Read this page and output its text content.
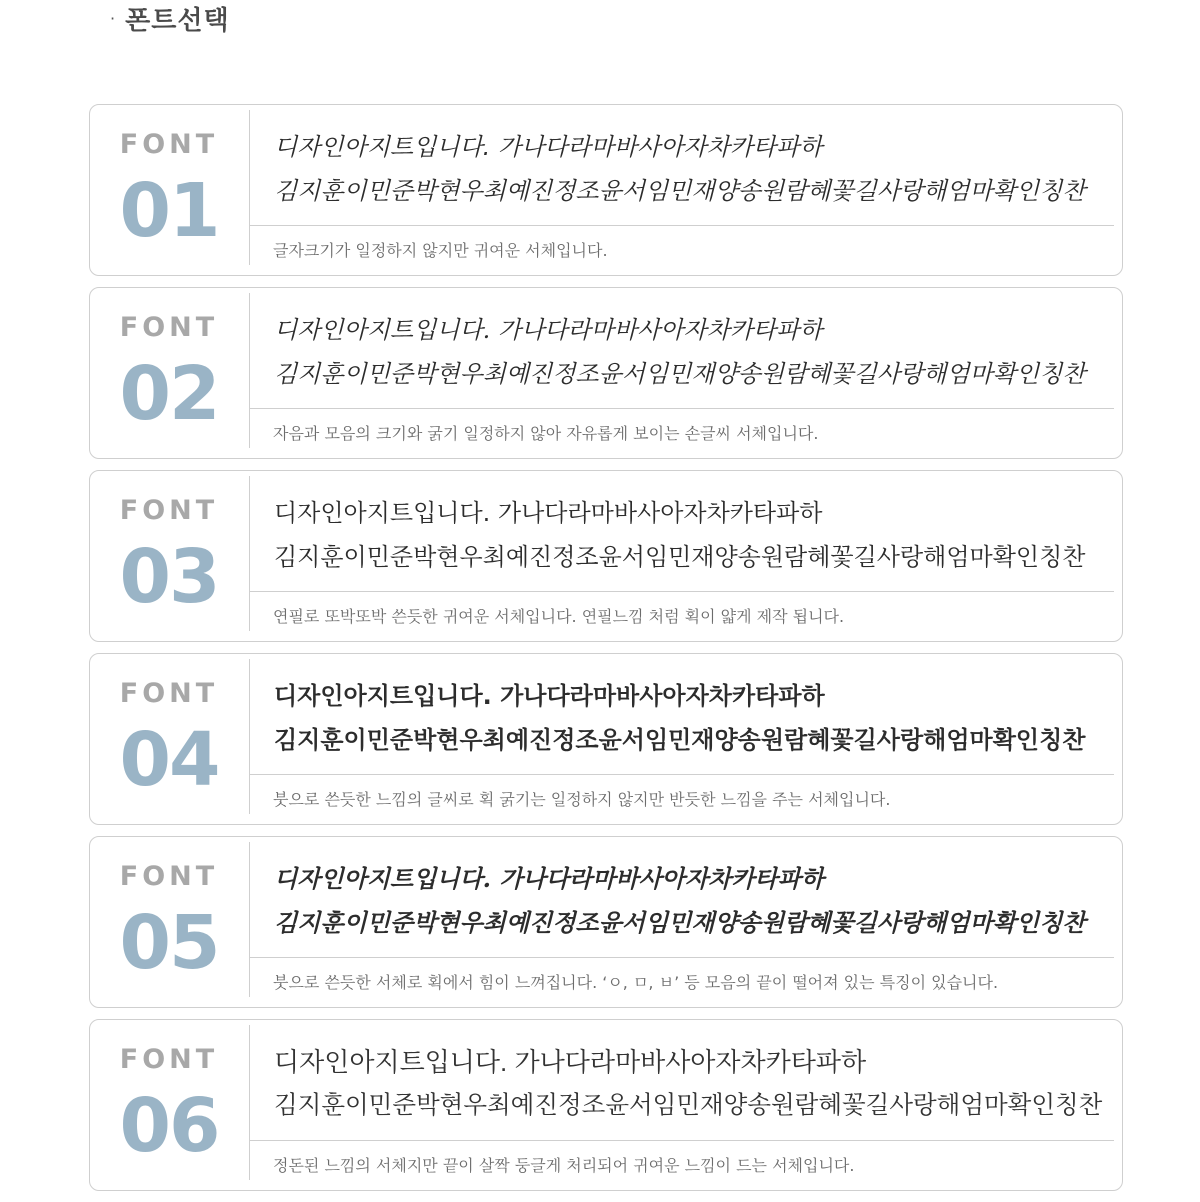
· 폰트선택
FONT
01
디자인아지트입니다. 가나다라마바사아자차카타파하
김지훈이민준박현우최예진정조윤서임민재양송원람혜꽃길사랑해엄마확인칭찬
글자크기가 일정하지 않지만 귀여운 서체입니다.
FONT
02
디자인아지트입니다. 가나다라마바사아자차카타파하
김지훈이민준박현우최예진정조윤서임민재양송원람혜꽃길사랑해엄마확인칭찬
자음과 모음의 크기와 굵기 일정하지 않아 자유롭게 보이는 손글씨 서체입니다.
FONT
03
디자인아지트입니다. 가나다라마바사아자차카타파하
김지훈이민준박현우최예진정조윤서임민재양송원람혜꽃길사랑해엄마확인칭찬
연필로 또박또박 쓴듯한 귀여운 서체입니다. 연필느낌 처럼 획이 얇게 제작 됩니다.
FONT
04
디자인아지트입니다. 가나다라마바사아자차카타파하
김지훈이민준박현우최예진정조윤서임민재양송원람혜꽃길사랑해엄마확인칭찬
붓으로 쓴듯한 느낌의 글씨로 획 굵기는 일정하지 않지만 반듯한 느낌을 주는 서체입니다.
FONT
05
디자인아지트입니다. 가나다라마바사아자차카타파하
김지훈이민준박현우최예진정조윤서임민재양송원람혜꽃길사랑해엄마확인칭찬
붓으로 쓴듯한 서체로 획에서 힘이 느껴집니다. ‘ㅇ, ㅁ, ㅂ’ 등 모음의 끝이 떨어져 있는 특징이 있습니다.
FONT
06
디자인아지트입니다. 가나다라마바사아자차카타파하
김지훈이민준박현우최예진정조윤서임민재양송원람혜꽃길사랑해엄마확인칭찬
정돈된 느낌의 서체지만 끝이 살짝 둥글게 처리되어 귀여운 느낌이 드는 서체입니다.
